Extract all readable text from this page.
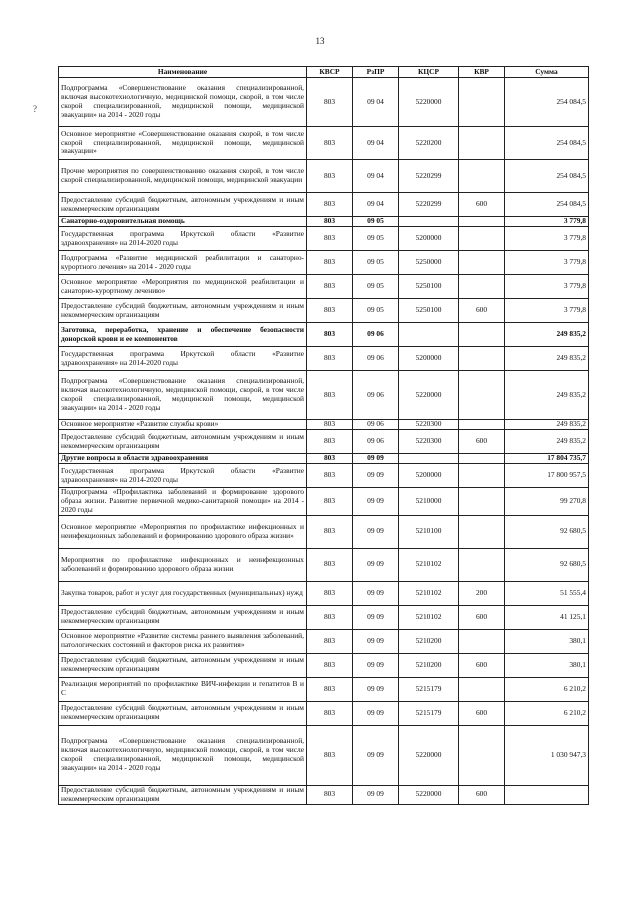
13
?
Наименование	КВСР	РзПР	КЦСР	КВР	Сумма
Подпрограмма «Совершенствование оказания специализированной, включая высокотехнологичную, медицинской помощи, скорой, в том числе скорой специализированной, медицинской помощи, медицинской эвакуации» на 2014 - 2020 годы	803	09 04	5220000		254 084,5
Основное мероприятие «Совершенствование оказания скорой, в том числе скорой специализированной, медицинской помощи, медицинской эвакуации»	803	09 04	5220200		254 084,5
Прочие мероприятия по совершенствованию оказания скорой, в том числе скорой специализированной, медицинской помощи, медицинской эвакуации	803	09 04	5220299		254 084,5
Предоставление субсидий бюджетным, автономным учреждениям и иным некоммерческим организациям	803	09 04	5220299	600	254 084,5
Санаторно-оздоровительная помощь	803	09 05			3 779,8
Государственная программа Иркутской области «Развитие здравоохранения» на 2014-2020 годы	803	09 05	5200000		3 779,8
Подпрограмма «Развитие медицинской реабилитации и санаторно-курортного лечения» на 2014 - 2020 годы	803	09 05	5250000		3 779,8
Основное мероприятие «Мероприятия по медицинской реабилитации и санаторно-курортному лечению»	803	09 05	5250100		3 779,8
Предоставление субсидий бюджетным, автономным учреждениям и иным некоммерческим организациям	803	09 05	5250100	600	3 779,8
Заготовка, переработка, хранение и обеспечение безопасности донорской крови и ее компонентов	803	09 06			249 835,2
Государственная программа Иркутской области «Развитие здравоохранения» на 2014-2020 годы	803	09 06	5200000		249 835,2
Подпрограмма «Совершенствование оказания специализированной, включая высокотехнологичную, медицинской помощи, скорой, в том числе скорой специализированной, медицинской помощи, медицинской эвакуации» на 2014 - 2020 годы	803	09 06	5220000		249 835,2
Основное мероприятие «Развитие службы крови»	803	09 06	5220300		249 835,2
Предоставление субсидий бюджетным, автономным учреждениям и иным некоммерческим организациям	803	09 06	5220300	600	249 835,2
Другие вопросы в области здравоохранения	803	09 09			17 804 735,7
Государственная программа Иркутской области «Развитие здравоохранения» на 2014-2020 годы	803	09 09	5200000		17 800 957,5
Подпрограмма «Профилактика заболеваний и формирование здорового образа жизни. Развитие первичной медико-санитарной помощи» на 2014 - 2020 годы	803	09 09	5210000		99 270,8
Основное мероприятие «Мероприятия по профилактике инфекционных и неинфекционных заболеваний и формированию здорового образа жизни»	803	09 09	5210100		92 680,5
Мероприятия по профилактике инфекционных и неинфекционных заболеваний и формированию здорового образа жизни	803	09 09	5210102		92 680,5
Закупка товаров, работ и услуг для государственных (муниципальных) нужд	803	09 09	5210102	200	51 555,4
Предоставление субсидий бюджетным, автономным учреждениям и иным некоммерческим организациям	803	09 09	5210102	600	41 125,1
Основное мероприятие «Развитие системы раннего выявления заболеваний, патологических состояний и факторов риска их развития»	803	09 09	5210200		380,1
Предоставление субсидий бюджетным, автономным учреждениям и иным некоммерческим организациям	803	09 09	5210200	600	380,1
Реализация мероприятий по профилактике ВИЧ-инфекции и гепатитов В и С	803	09 09	5215179		6 210,2
Предоставление субсидий бюджетным, автономным учреждениям и иным некоммерческим организациям	803	09 09	5215179	600	6 210,2
Подпрограмма «Совершенствование оказания специализированной, включая высокотехнологичную, медицинской помощи, скорой, в том числе скорой специализированной, медицинской помощи, медицинской эвакуации» на 2014 - 2020 годы	803	09 09	5220000		1 030 947,3
Предоставление субсидий бюджетным, автономным учреждениям и иным некоммерческим организациям	803	09 09	5220000	600	
